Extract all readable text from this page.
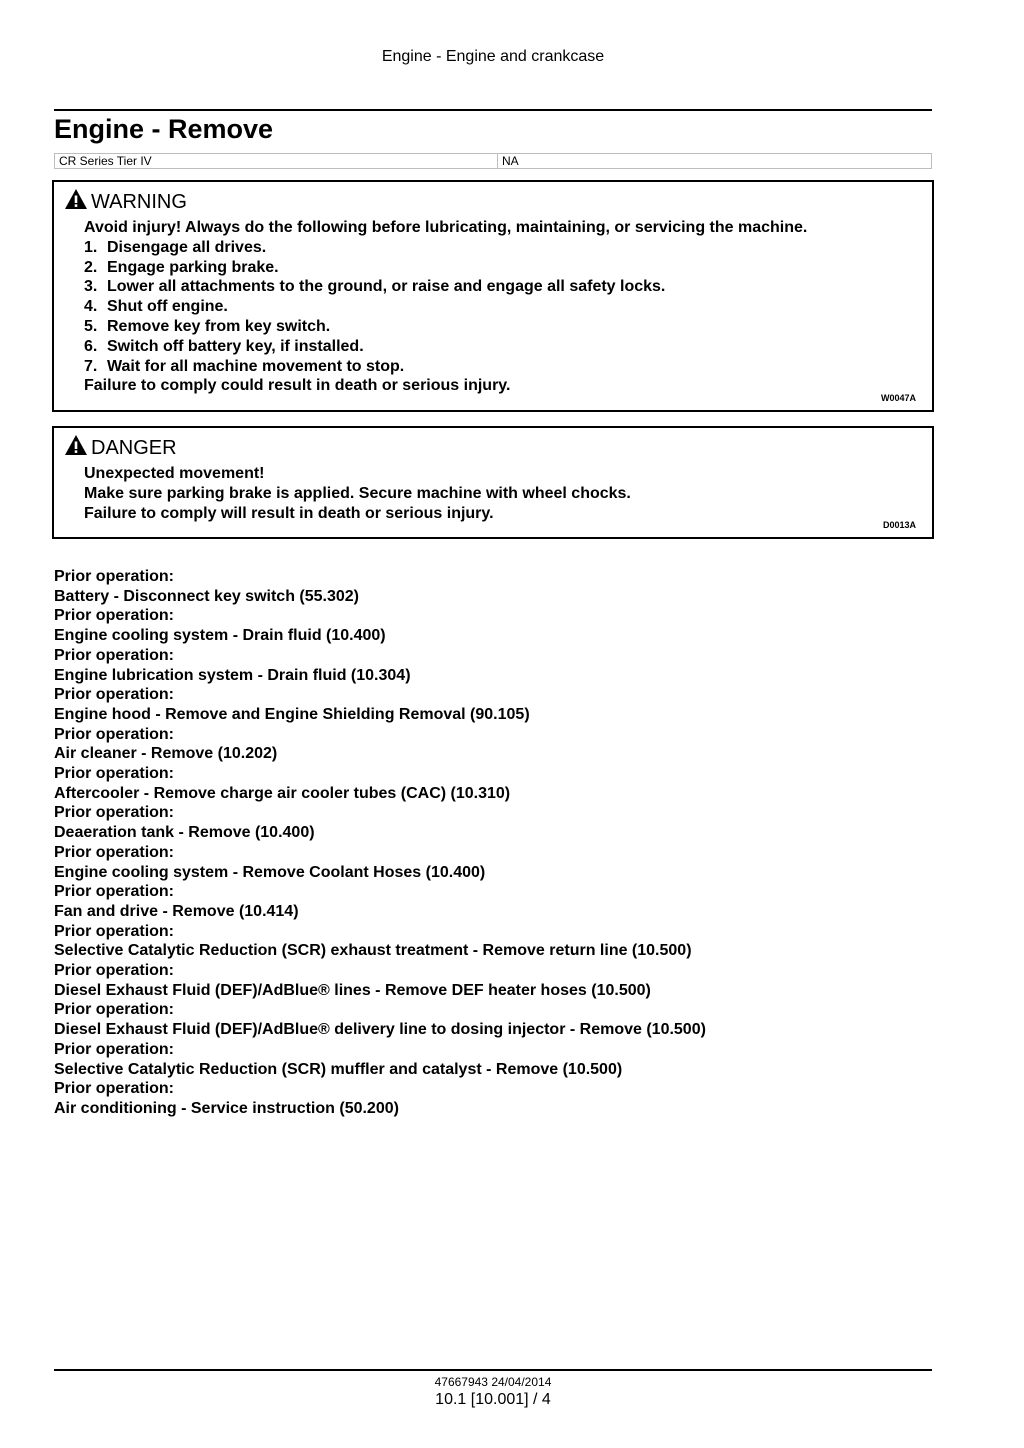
Engine - Engine and crankcase
Engine - Remove
CR Series Tier IV	NA
WARNING
Avoid injury! Always do the following before lubricating, maintaining, or servicing the machine.
1. Disengage all drives.
2. Engage parking brake.
3. Lower all attachments to the ground, or raise and engage all safety locks.
4. Shut off engine.
5. Remove key from key switch.
6. Switch off battery key, if installed.
7. Wait for all machine movement to stop.
Failure to comply could result in death or serious injury.
W0047A
DANGER
Unexpected movement!
Make sure parking brake is applied. Secure machine with wheel chocks.
Failure to comply will result in death or serious injury.
D0013A
Prior operation:
Battery - Disconnect key switch (55.302)
Prior operation:
Engine cooling system - Drain fluid (10.400)
Prior operation:
Engine lubrication system - Drain fluid (10.304)
Prior operation:
Engine hood - Remove and Engine Shielding Removal (90.105)
Prior operation:
Air cleaner - Remove (10.202)
Prior operation:
Aftercooler - Remove charge air cooler tubes (CAC) (10.310)
Prior operation:
Deaeration tank - Remove (10.400)
Prior operation:
Engine cooling system - Remove Coolant Hoses (10.400)
Prior operation:
Fan and drive - Remove (10.414)
Prior operation:
Selective Catalytic Reduction (SCR) exhaust treatment - Remove return line (10.500)
Prior operation:
Diesel Exhaust Fluid (DEF)/AdBlue® lines - Remove DEF heater hoses (10.500)
Prior operation:
Diesel Exhaust Fluid (DEF)/AdBlue® delivery line to dosing injector - Remove (10.500)
Prior operation:
Selective Catalytic Reduction (SCR) muffler and catalyst - Remove (10.500)
Prior operation:
Air conditioning - Service instruction (50.200)
47667943 24/04/2014
10.1 [10.001] / 4
